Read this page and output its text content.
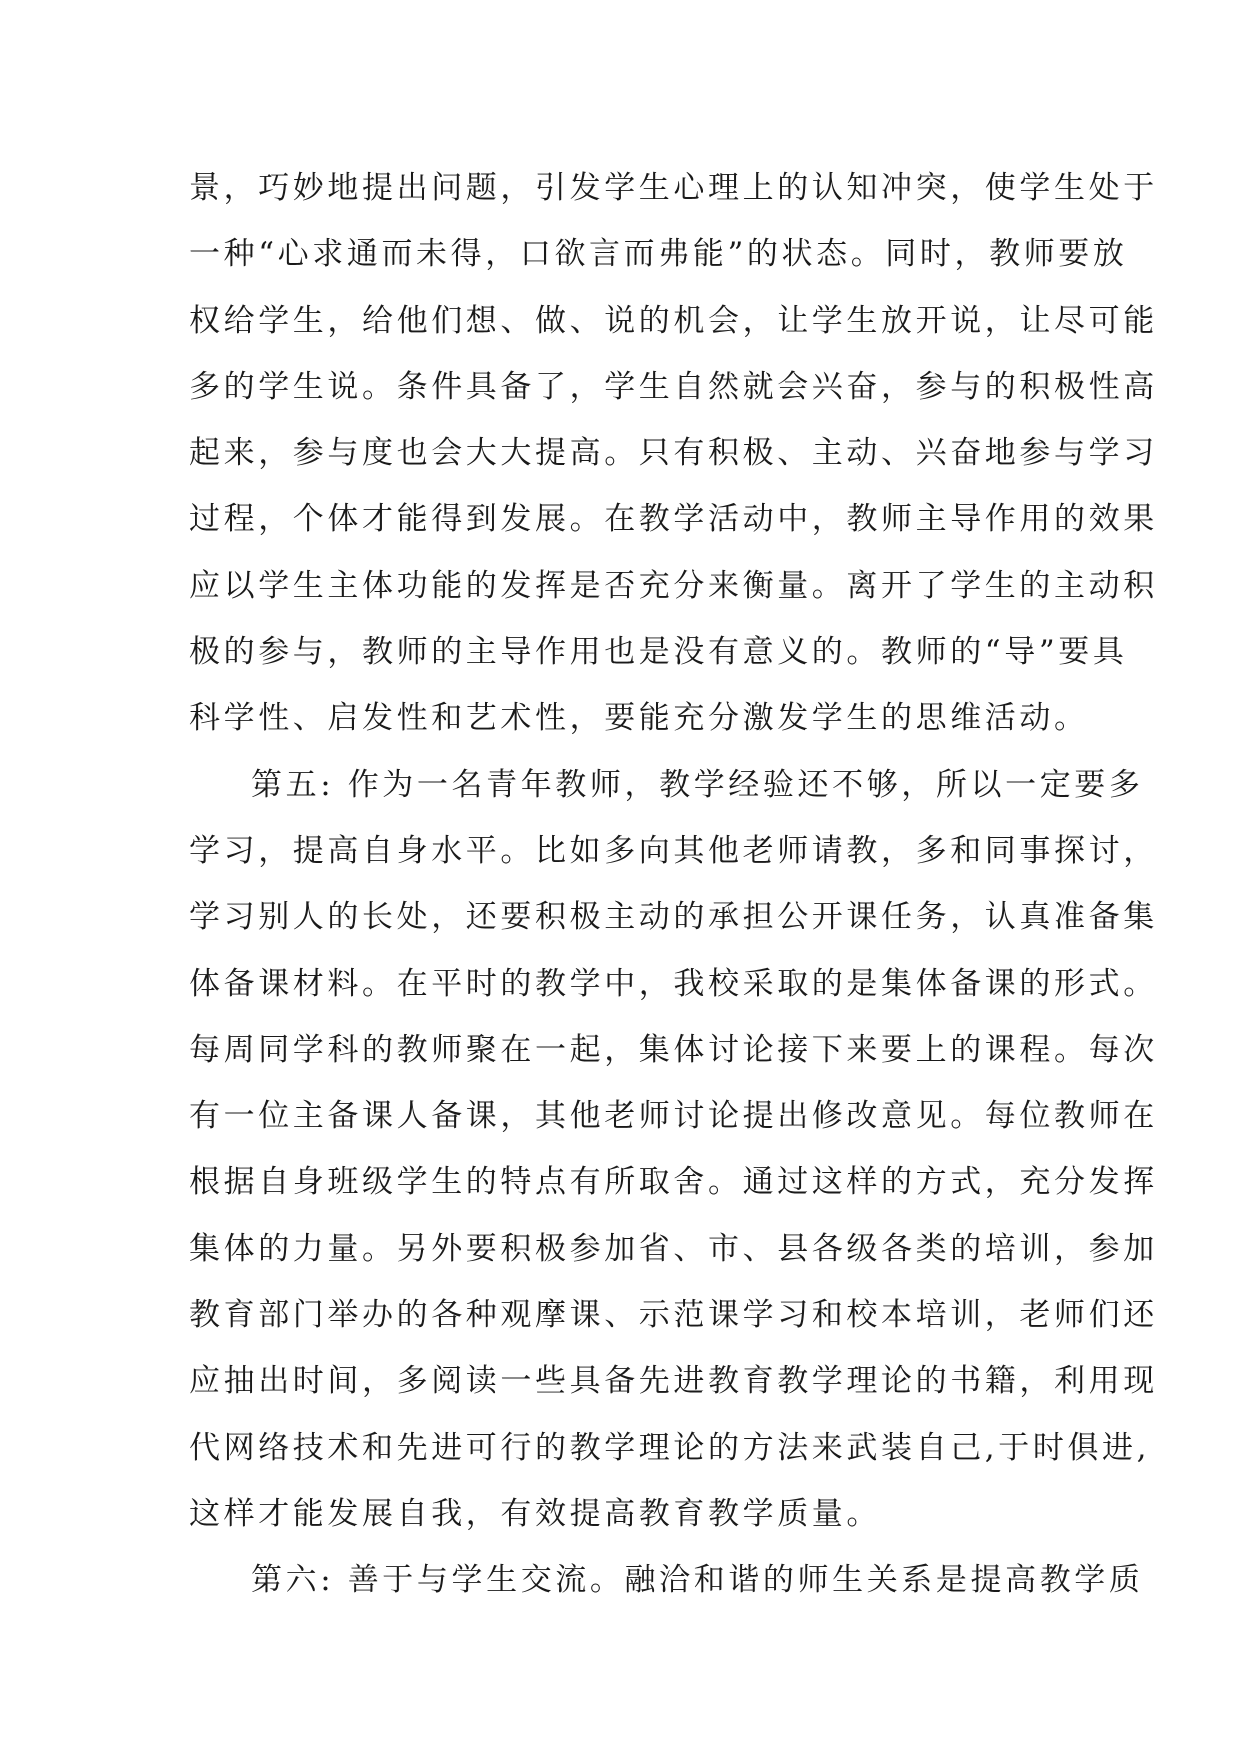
景，巧妙地提出问题，引发学生心理上的认知冲突，使学生处于
一种“心求通而未得，口欲言而弗能”的状态。同时，教师要放
权给学生，给他们想、做、说的机会，让学生放开说，让尽可能
多的学生说。条件具备了，学生自然就会兴奋，参与的积极性高
起来，参与度也会大大提高。只有积极、主动、兴奋地参与学习
过程，个体才能得到发展。在教学活动中，教师主导作用的效果
应以学生主体功能的发挥是否充分来衡量。离开了学生的主动积
极的参与，教师的主导作用也是没有意义的。教师的“导”要具
科学性、启发性和艺术性，要能充分激发学生的思维活动。
第五: 作为一名青年教师，教学经验还不够，所以一定要多
学习，提高自身水平。比如多向其他老师请教，多和同事探讨，
学习别人的长处，还要积极主动的承担公开课任务，认真准备集
体备课材料。在平时的教学中，我校采取的是集体备课的形式。
每周同学科的教师聚在一起，集体讨论接下来要上的课程。每次
有一位主备课人备课，其他老师讨论提出修改意见。每位教师在
根据自身班级学生的特点有所取舍。通过这样的方式，充分发挥
集体的力量。另外要积极参加省、市、县各级各类的培训，参加
教育部门举办的各种观摩课、示范课学习和校本培训，老师们还
应抽出时间，多阅读一些具备先进教育教学理论的书籍，利用现
代网络技术和先进可行的教学理论的方法来武装自己,于时俱进,
这样才能发展自我，有效提高教育教学质量。
第六: 善于与学生交流。融洽和谐的师生关系是提高教学质
